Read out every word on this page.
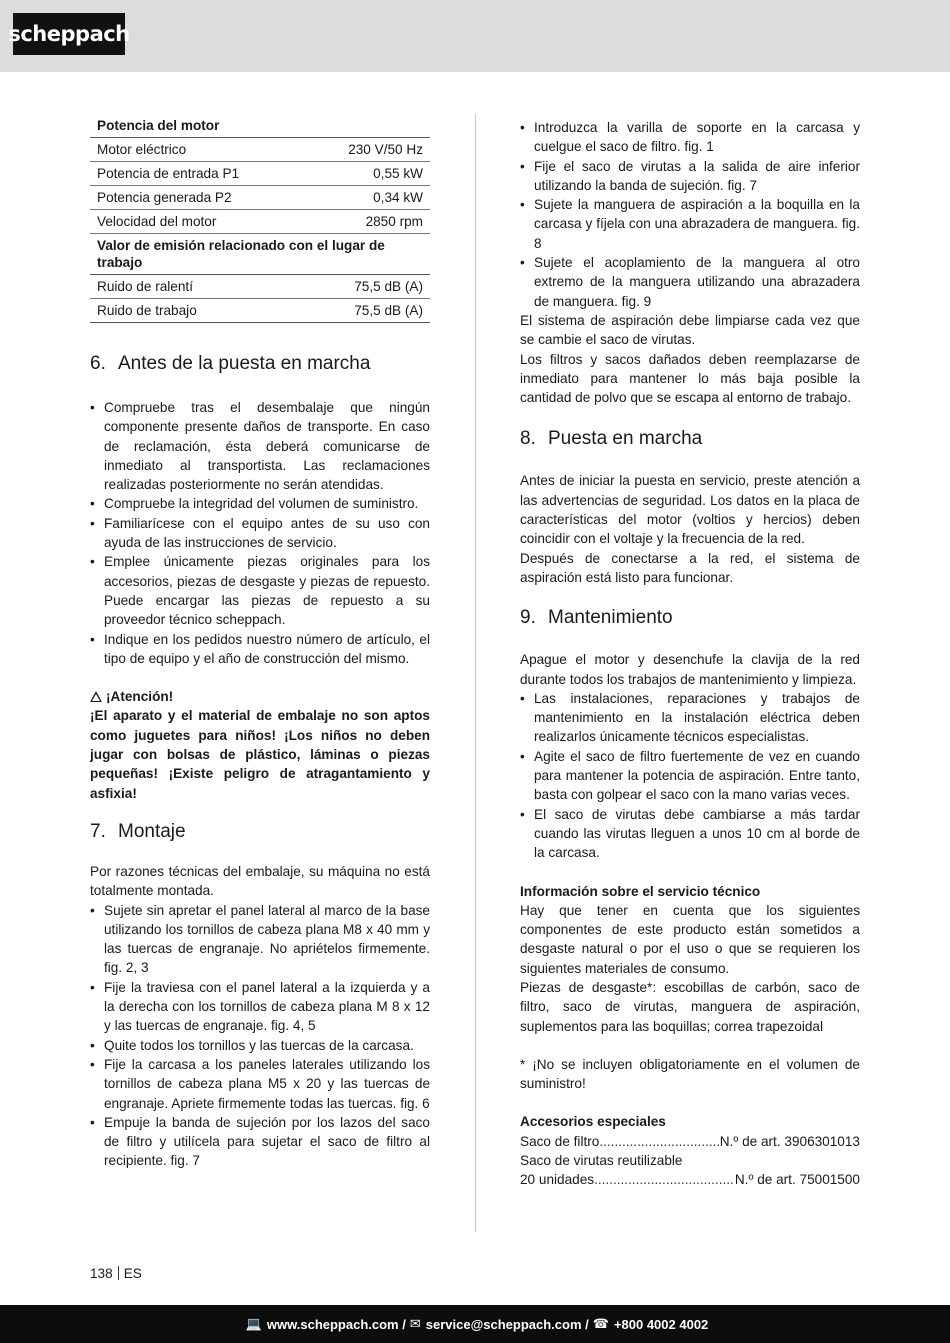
scheppach
Potencia del motor	
Motor eléctrico	230 V/50 Hz
Potencia de entrada P1	0,55 kW
Potencia generada P2	0,34 kW
Velocidad del motor	2850 rpm
Valor de emisión relacionado con el lugar de trabajo	
Ruido de ralentí	75,5 dB (A)
Ruido de trabajo	75,5 dB (A)
6. Antes de la puesta en marcha
• Compruebe tras el desembalaje que ningún componente presente daños de transporte. En caso de reclamación, ésta deberá comunicarse de inmediato al transportista. Las reclamaciones realizadas posteriormente no serán atendidas.
• Compruebe la integridad del volumen de suministro.
• Familiarícese con el equipo antes de su uso con ayuda de las instrucciones de servicio.
• Emplee únicamente piezas originales para los accesorios, piezas de desgaste y piezas de repuesto. Puede encargar las piezas de repuesto a su proveedor técnico scheppach.
• Indique en los pedidos nuestro número de artículo, el tipo de equipo y el año de construcción del mismo.

¡Atención!

¡El aparato y el material de embalaje no son aptos como juguetes para niños! ¡Los niños no deben jugar con bolsas de plástico, láminas o piezas pequeñas! ¡Existe peligro de atragantamiento y asfixia!

7. Montaje

Por razones técnicas del embalaje, su máquina no está totalmente montada.

• Sujete sin apretar el panel lateral al marco de la base utilizando los tornillos de cabeza plana M8 x 40 mm y las tuercas de engranaje. No apriételos firmemente. fig. 2, 3
• Fije la traviesa con el panel lateral a la izquierda y a la derecha con los tornillos de cabeza plana M 8 x 12 y las tuercas de engranaje. fig. 4, 5
• Quite todos los tornillos y las tuercas de la carcasa.
• Fije la carcasa a los paneles laterales utilizando los tornillos de cabeza plana M5 x 20 y las tuercas de engranaje. Apriete firmemente todas las tuercas. fig. 6
• Empuje la banda de sujeción por los lazos del saco de filtro y utilícela para sujetar el saco de filtro al recipiente. fig. 7
• Introduzca la varilla de soporte en la carcasa y cuelgue el saco de filtro. fig. 1
• Fije el saco de virutas a la salida de aire inferior utilizando la banda de sujeción. fig. 7
• Sujete la manguera de aspiración a la boquilla en la carcasa y fíjela con una abrazadera de manguera. fig. 8
• Sujete el acoplamiento de la manguera al otro extremo de la manguera utilizando una abrazadera de manguera. fig. 9

El sistema de aspiración debe limpiarse cada vez que se cambie el saco de virutas.

Los filtros y sacos dañados deben reemplazarse de inmediato para mantener lo más baja posible la cantidad de polvo que se escapa al entorno de trabajo.

8. Puesta en marcha

Antes de iniciar la puesta en servicio, preste atención a las advertencias de seguridad. Los datos en la placa de características del motor (voltios y hercios) deben coincidir con el voltaje y la frecuencia de la red.

Después de conectarse a la red, el sistema de aspiración está listo para funcionar.

9. Mantenimiento

Apague el motor y desenchufe la clavija de la red durante todos los trabajos de mantenimiento y limpieza.

• Las instalaciones, reparaciones y trabajos de mantenimiento en la instalación eléctrica deben realizarlos únicamente técnicos especialistas.
• Agite el saco de filtro fuertemente de vez en cuando para mantener la potencia de aspiración. Entre tanto, basta con golpear el saco con la mano varias veces.
• El saco de virutas debe cambiarse a más tardar cuando las virutas lleguen a unos 10 cm al borde de la carcasa.

Información sobre el servicio técnico

Hay que tener en cuenta que los siguientes componentes de este producto están sometidos a desgaste natural o por el uso o que se requieren los siguientes materiales de consumo.

Piezas de desgaste*: escobillas de carbón, saco de filtro, saco de virutas, manguera de aspiración, suplementos para las boquillas; correa trapezoidal

* ¡No se incluyen obligatoriamente en el volumen de suministro!

Accesorios especiales

Saco de filtro .....	N.º de art. 3906301013

Saco de virutas reutilizable

20 unidades .....	N.º de art. 75001500
138 ES
💻 www.scheppach.com / ✉ service@scheppach.com / ☎ +800 4002 4002
